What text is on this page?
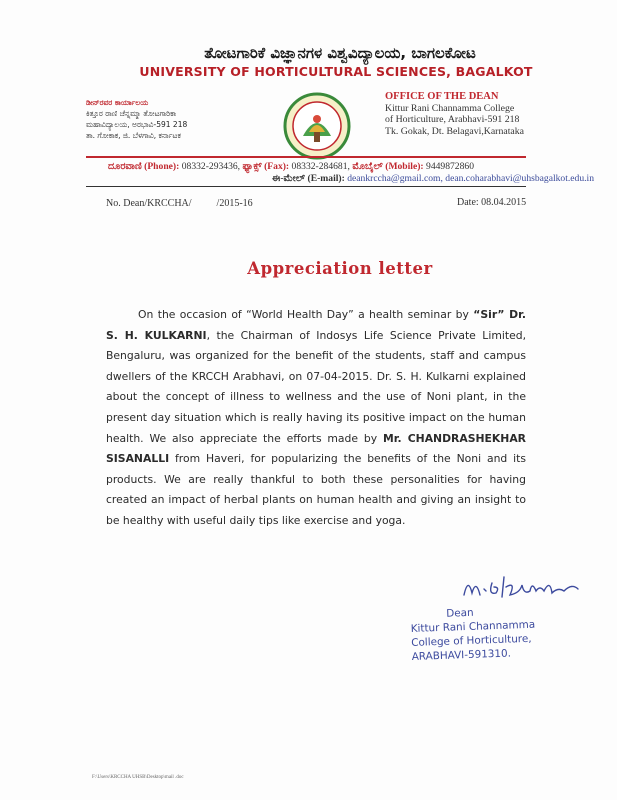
ತೋಟಗಾರಿಕೆ ವಿಜ್ಞಾನಗಳ ವಿಶ್ವವಿದ್ಯಾಲಯ, ಬಾಗಲಕೋಟ
UNIVERSITY OF HORTICULTURAL SCIENCES, BAGALKOT
ಡೀನ್‌ರವರ ಕಾರ್ಯಾಲಯ
ಕಿತ್ತೂರ ರಾಣಿ ಚೆನ್ನಮ್ಮಾ ತೋಟಗಾರಿಕಾ
ಮಹಾವಿದ್ಯಾಲಯ, ಅರಭಾವಿ-591 218
ತಾ. ಗೋಕಾಕ, ಜಿ. ಬೆಳಗಾವಿ, ಕರ್ನಾಟಕ
OFFICE OF THE DEAN
Kittur Rani Channamma College
of Horticulture, Arabhavi-591 218
Tk. Gokak, Dt. Belagavi,Karnataka
ದೂರವಾಣಿ (Phone): 08332-293436, ಫ್ಯಾಕ್ಸ್ (Fax): 08332-284681, ಮೊಬೈಲ್ (Mobile): 9449872860
ಈ-ಮೇಲ್ (E-mail): deankrccha@gmail.com, dean.coharabhavi@uhsbagalkot.edu.in
No. Dean/KRCCHA/          /2015-16	Date: 08.04.2015
Appreciation letter

On the occasion of “World Health Day” a health seminar by “Sir” Dr. S. H. KULKARNI, the Chairman of Indosys Life Science Private Limited, Bengaluru, was organized for the benefit of the students, staff and campus dwellers of the KRCCH Arabhavi, on 07-04-2015. Dr. S. H. Kulkarni explained about the concept of illness to wellness and the use of Noni plant, in the present day situation which is really having its positive impact on the human health. We also appreciate the efforts made by Mr. CHANDRASHEKHAR SISANALLI from Haveri, for popularizing the benefits of the Noni and its products. We are really thankful to both these personalities for having created an impact of herbal plants on human health and giving an insight to be healthy with useful daily tips like exercise and yoga.

Dean
Kittur Rani Channamma
College of Horticulture,
ARABHAVI-591310.
F:\Users\KRCCHA UHSB\Desktop\mail .doc
